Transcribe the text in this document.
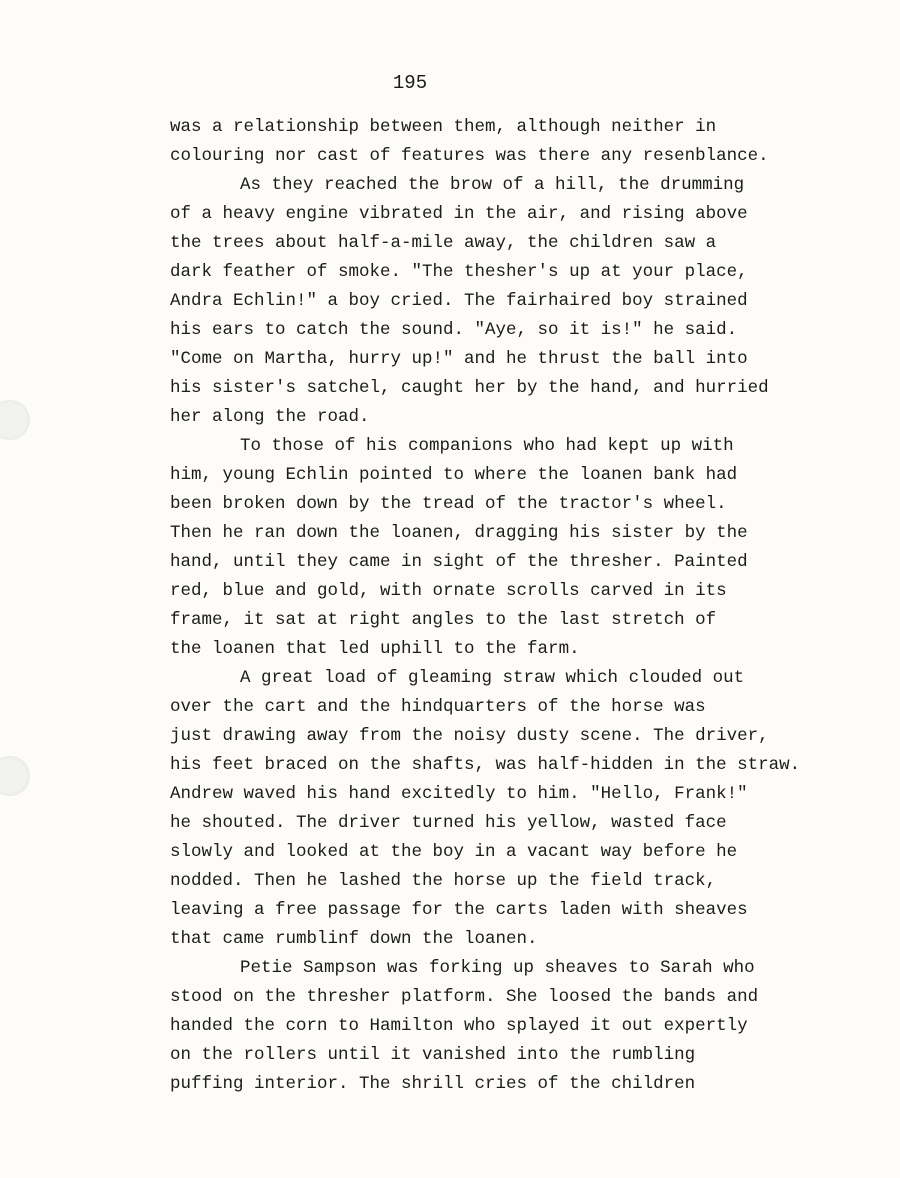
195
was a relationship between them, although neither in
colouring nor cast of features was there any resenblance.
As they reached the brow of a hill, the drumming
of a heavy engine vibrated in the air, and rising above
the trees about half-a-mile away, the children saw a
dark feather of smoke. "The thesher's up at your place,
Andra Echlin!" a boy cried. The fairhaired boy strained
his ears to catch the sound. "Aye, so it is!" he said.
"Come on Martha, hurry up!" and he thrust the ball into
his sister's satchel, caught her by the hand, and hurried
her along the road.
To those of his companions who had kept up with
him, young Echlin pointed to where the loanen bank had
been broken down by the tread of the tractor's wheel.
Then he ran down the loanen, dragging his sister by the
hand, until they came in sight of the thresher. Painted
red, blue and gold, with ornate scrolls carved in its
frame, it sat at right angles to the last stretch of
the loanen that led uphill to the farm.
A great load of gleaming straw which clouded out
over the cart and the hindquarters of the horse was
just drawing away from the noisy dusty scene. The driver,
his feet braced on the shafts, was half-hidden in the straw.
Andrew waved his hand excitedly to him. "Hello, Frank!"
he shouted. The driver turned his yellow, wasted face
slowly and looked at the boy in a vacant way before he
nodded. Then he lashed the horse up the field track,
leaving a free passage for the carts laden with sheaves
that came rumblinf down the loanen.
Petie Sampson was forking up sheaves to Sarah who
stood on the thresher platform. She loosed the bands and
handed the corn to Hamilton who splayed it out expertly
on the rollers until it vanished into the rumbling
puffing interior. The shrill cries of the children
